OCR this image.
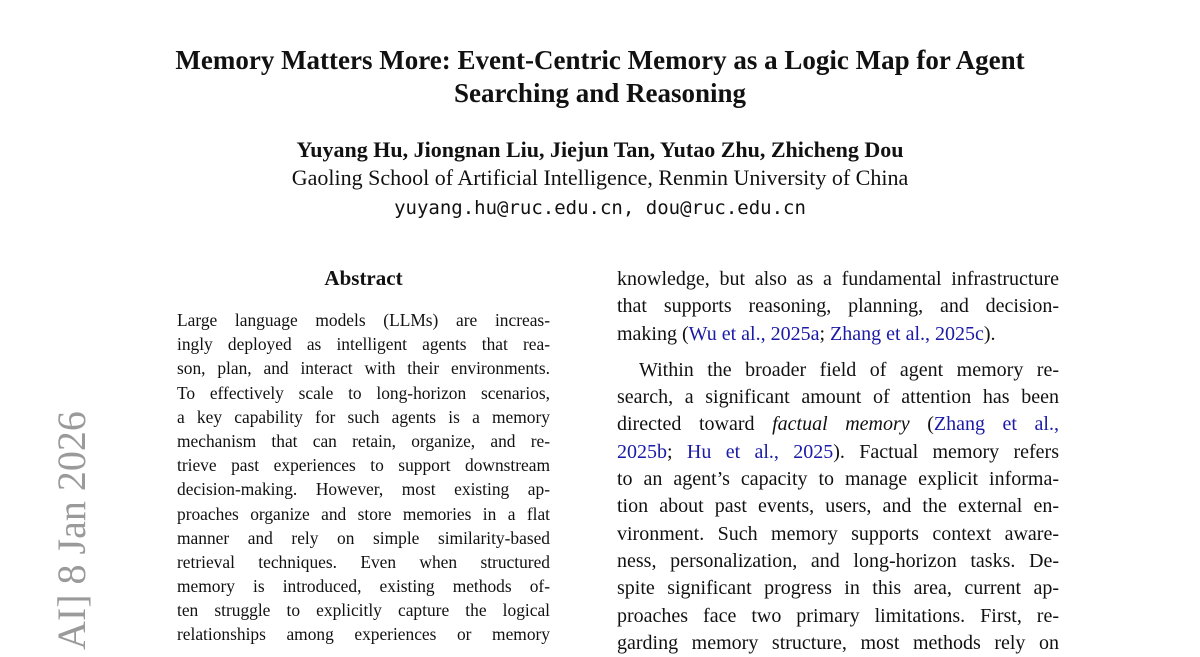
Memory Matters More: Event-Centric Memory as a Logic Map for Agent
Searching and Reasoning
Yuyang Hu, Jiongnan Liu, Jiejun Tan, Yutao Zhu, Zhicheng Dou
Gaoling School of Artificial Intelligence, Renmin University of China
yuyang.hu@ruc.edu.cn, dou@ruc.edu.cn
Abstract
Large language models (LLMs) are increas-
ingly deployed as intelligent agents that rea-
son, plan, and interact with their environments.
To effectively scale to long-horizon scenarios,
a key capability for such agents is a memory
mechanism that can retain, organize, and re-
trieve past experiences to support downstream
decision-making. However, most existing ap-
proaches organize and store memories in a flat
manner and rely on simple similarity-based
retrieval techniques. Even when structured
memory is introduced, existing methods of-
ten struggle to explicitly capture the logical
relationships among experiences or memory
knowledge, but also as a fundamental infrastructure
that supports reasoning, planning, and decision-
making (Wu et al., 2025a; Zhang et al., 2025c).
Within the broader field of agent memory re-
search, a significant amount of attention has been
directed toward factual memory (Zhang et al.,
2025b; Hu et al., 2025). Factual memory refers
to an agent’s capacity to manage explicit informa-
tion about past events, users, and the external en-
vironment. Such memory supports context aware-
ness, personalization, and long-horizon tasks. De-
spite significant progress in this area, current ap-
proaches face two primary limitations. First, re-
garding memory structure, most methods rely on
AI] 8 Jan 2026
